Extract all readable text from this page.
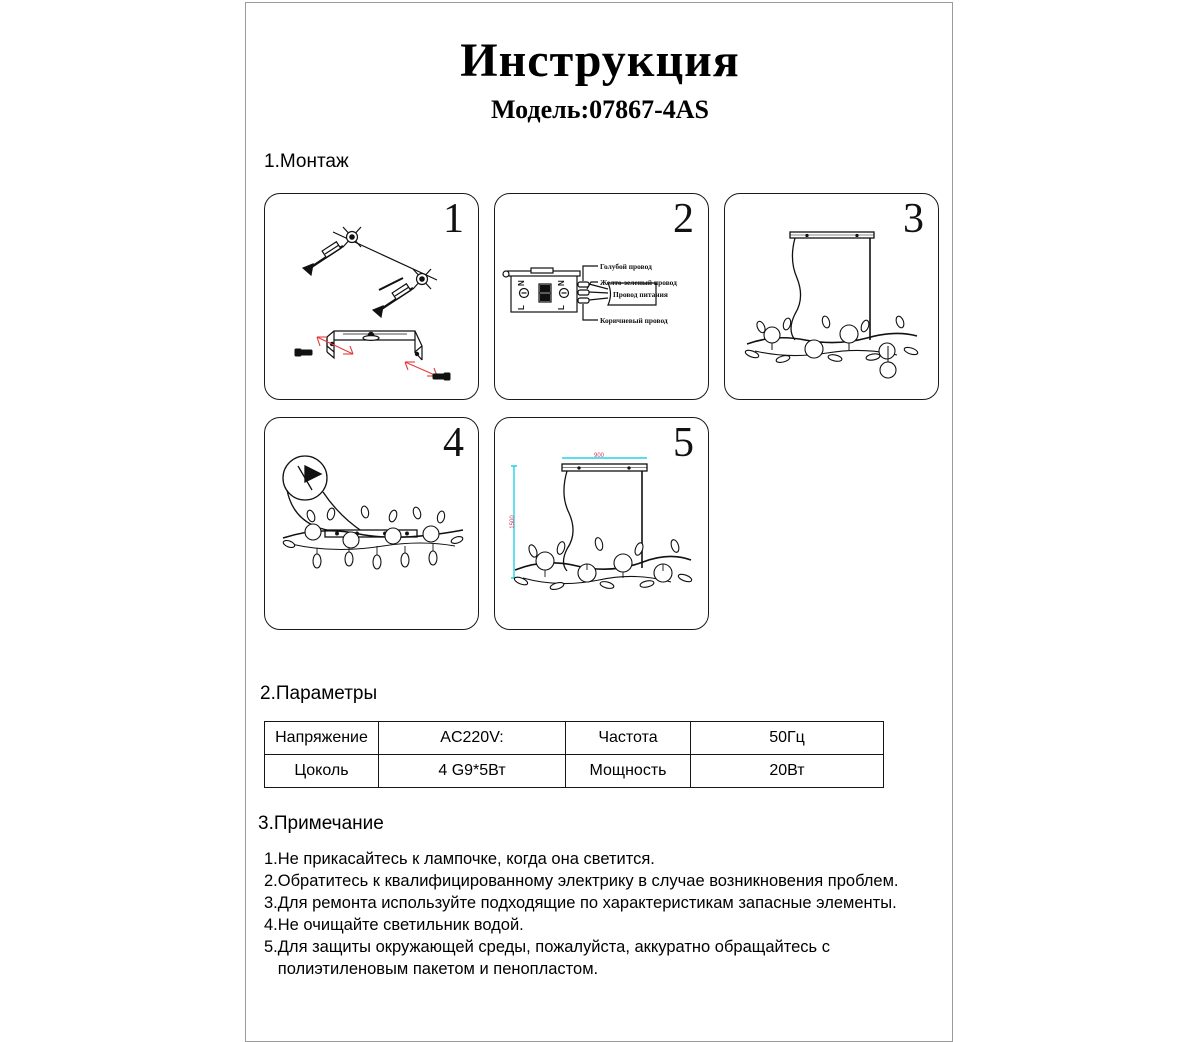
Инструкция
Модель:07867-4AS
1.Монтаж
1	2
N
L
N
L
Голубой провод
Желто-зеленый провод
Провод питания
Коричневый провод
3
4	5
900
1500
2.Параметры
Напряжение	AC220V:	Частота	50Гц
Цоколь	4 G9*5Вт	Мощность	20Вт
3.Примечание
1.Не прикасайтесь к лампочке, когда она светится.
2.Обратитесь к квалифицированному электрику в случае возникновения проблем.
3.Для ремонта используйте подходящие по характеристикам запасные элементы.
4.Не очищайте светильник водой.
5.Для защиты окружающей среды, пожалуйста, аккуратно обращайтесь с
полиэтиленовым пакетом и пенопластом.
